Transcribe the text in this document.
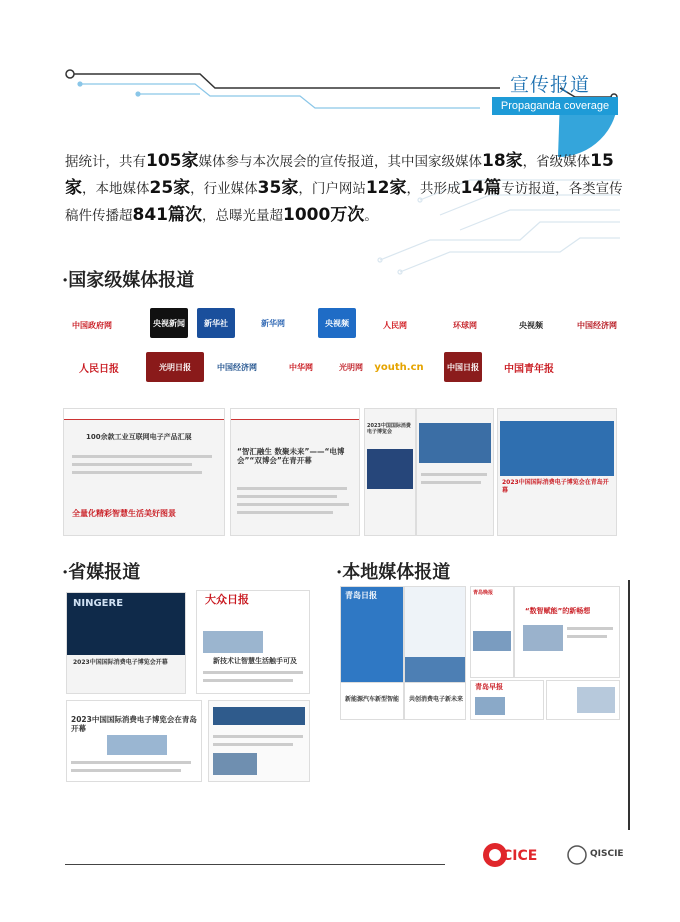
宣传报道
Propaganda coverage
据统计，共有105家媒体参与本次展会的宣传报道，其中国家级媒体18家，省级媒体15家，本地媒体25家，行业媒体35家，门户网站12家，共形成14篇专访报道，各类宣传稿件传播超841篇次，总曝光量超1000万次。
·国家级媒体报道
中国政府网	央视新闻	新华社	新华网	央视频	人民网	环球网	央视频	中国经济网
人民日报	光明日报	中国经济网	中华网	光明网	youth.cn	中国日报	中国青年报
100余款工业互联网电子产品汇展
全量化精彩智慧生活美好图景
“智汇融生 数聚未来”——“电博会”“双博会”在青开幕
2023中国国际消费电子博览会
2023中国国际消费电子博览会在青岛开幕
·省媒报道	·本地媒体报道
NINGERE
2023中国国际消费电子博览会开幕
大众日报
新技术让智慧生活触手可及
2023中国国际消费电子博览会在青岛开幕
青岛日报
新能源汽车新型智能	共创消费电子新未来
青岛晚报
“数智赋能”的新畅想
青岛早报
CICE	QISCIE
